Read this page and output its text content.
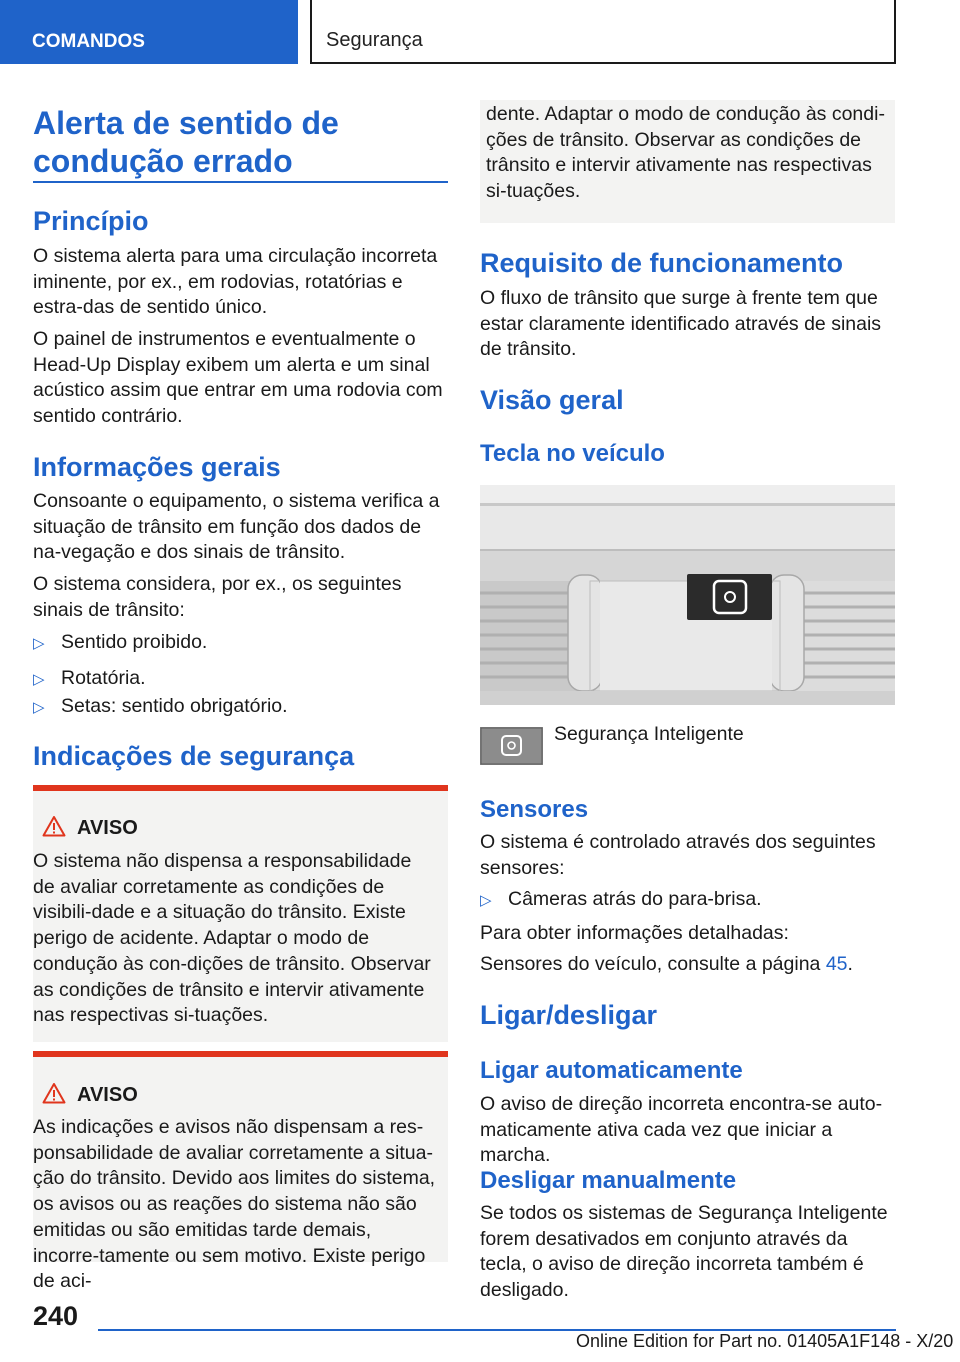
COMANDOS	Segurança
Alerta de sentido de
condução errado
Princípio

O sistema alerta para uma circulação incorreta iminente, por ex., em rodovias, rotatórias e estra-das de sentido único.

O painel de instrumentos e eventualmente o Head-Up Display exibem um alerta e um sinal acústico assim que entrar em uma rodovia com sentido contrário.

Informações gerais

Consoante o equipamento, o sistema verifica a situação de trânsito em função dos dados de na-vegação e dos sinais de trânsito.

O sistema considera, por ex., os seguintes sinais de trânsito:

▷ Sentido proibido.
▷ Rotatória.
▷ Setas: sentido obrigatório.
Indicações de segurança
AVISO

O sistema não dispensa a responsabilidade de avaliar corretamente as condições de visibili-dade e a situação do trânsito. Existe perigo de acidente. Adaptar o modo de condução às con-dições de trânsito. Observar as condições de trânsito e intervir ativamente nas respectivas si-tuações.

AVISO

As indicações e avisos não dispensam a res-ponsabilidade de avaliar corretamente a situa-ção do trânsito. Devido aos limites do sistema, os avisos ou as reações do sistema não são emitidas ou são emitidas tarde demais, incorre-tamente ou sem motivo. Existe perigo de aci-

dente. Adaptar o modo de condução às condi-ções de trânsito. Observar as condições de trânsito e intervir ativamente nas respectivas si-tuações.

Requisito de funcionamento

O fluxo de trânsito que surge à frente tem que estar claramente identificado através de sinais de trânsito.

Visão geral
Tecla no veículo
Segurança Inteligente
Sensores

O sistema é controlado através dos seguintes sensores:

▷ Câmeras atrás do para-brisa.

Para obter informações detalhadas:

Sensores do veículo, consulte a página 45.

Ligar/desligar
Ligar automaticamente

O aviso de direção incorreta encontra-se auto-maticamente ativa cada vez que iniciar a marcha.

Desligar manualmente

Se todos os sistemas de Segurança Inteligente forem desativados em conjunto através da tecla, o aviso de direção incorreta também é desligado.

240
Online Edition for Part no. 01405A1F148 - X/20
